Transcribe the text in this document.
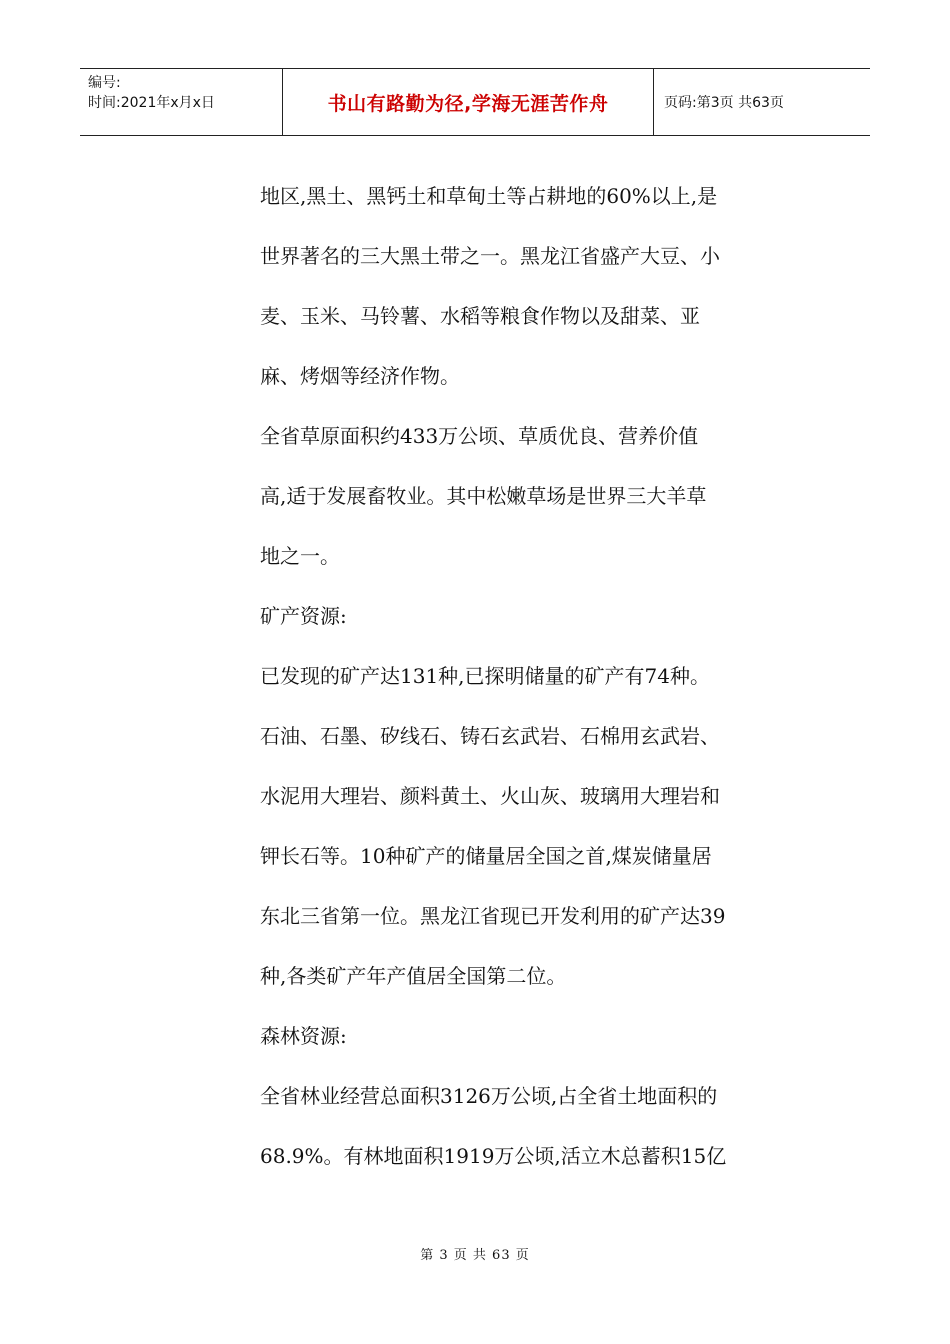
编号:
时间:2021年x月x日	书山有路勤为径,学海无涯苦作舟	页码:第3页 共63页
地区,黑土、黑钙土和草甸土等占耕地的60%以上,是
世界著名的三大黑土带之一。黑龙江省盛产大豆、小
麦、玉米、马铃薯、水稻等粮食作物以及甜菜、亚
麻、烤烟等经济作物。
全省草原面积约433万公顷、草质优良、营养价值
高,适于发展畜牧业。其中松嫩草场是世界三大羊草
地之一。
矿产资源:
已发现的矿产达131种,已探明储量的矿产有74种。
石油、石墨、矽线石、铸石玄武岩、石棉用玄武岩、
水泥用大理岩、颜料黄土、火山灰、玻璃用大理岩和
钾长石等。10种矿产的储量居全国之首,煤炭储量居
东北三省第一位。黑龙江省现已开发利用的矿产达39
种,各类矿产年产值居全国第二位。
森林资源:
全省林业经营总面积3126万公顷,占全省土地面积的
68.9%。有林地面积1919万公顷,活立木总蓄积15亿
第 3 页 共 63 页
